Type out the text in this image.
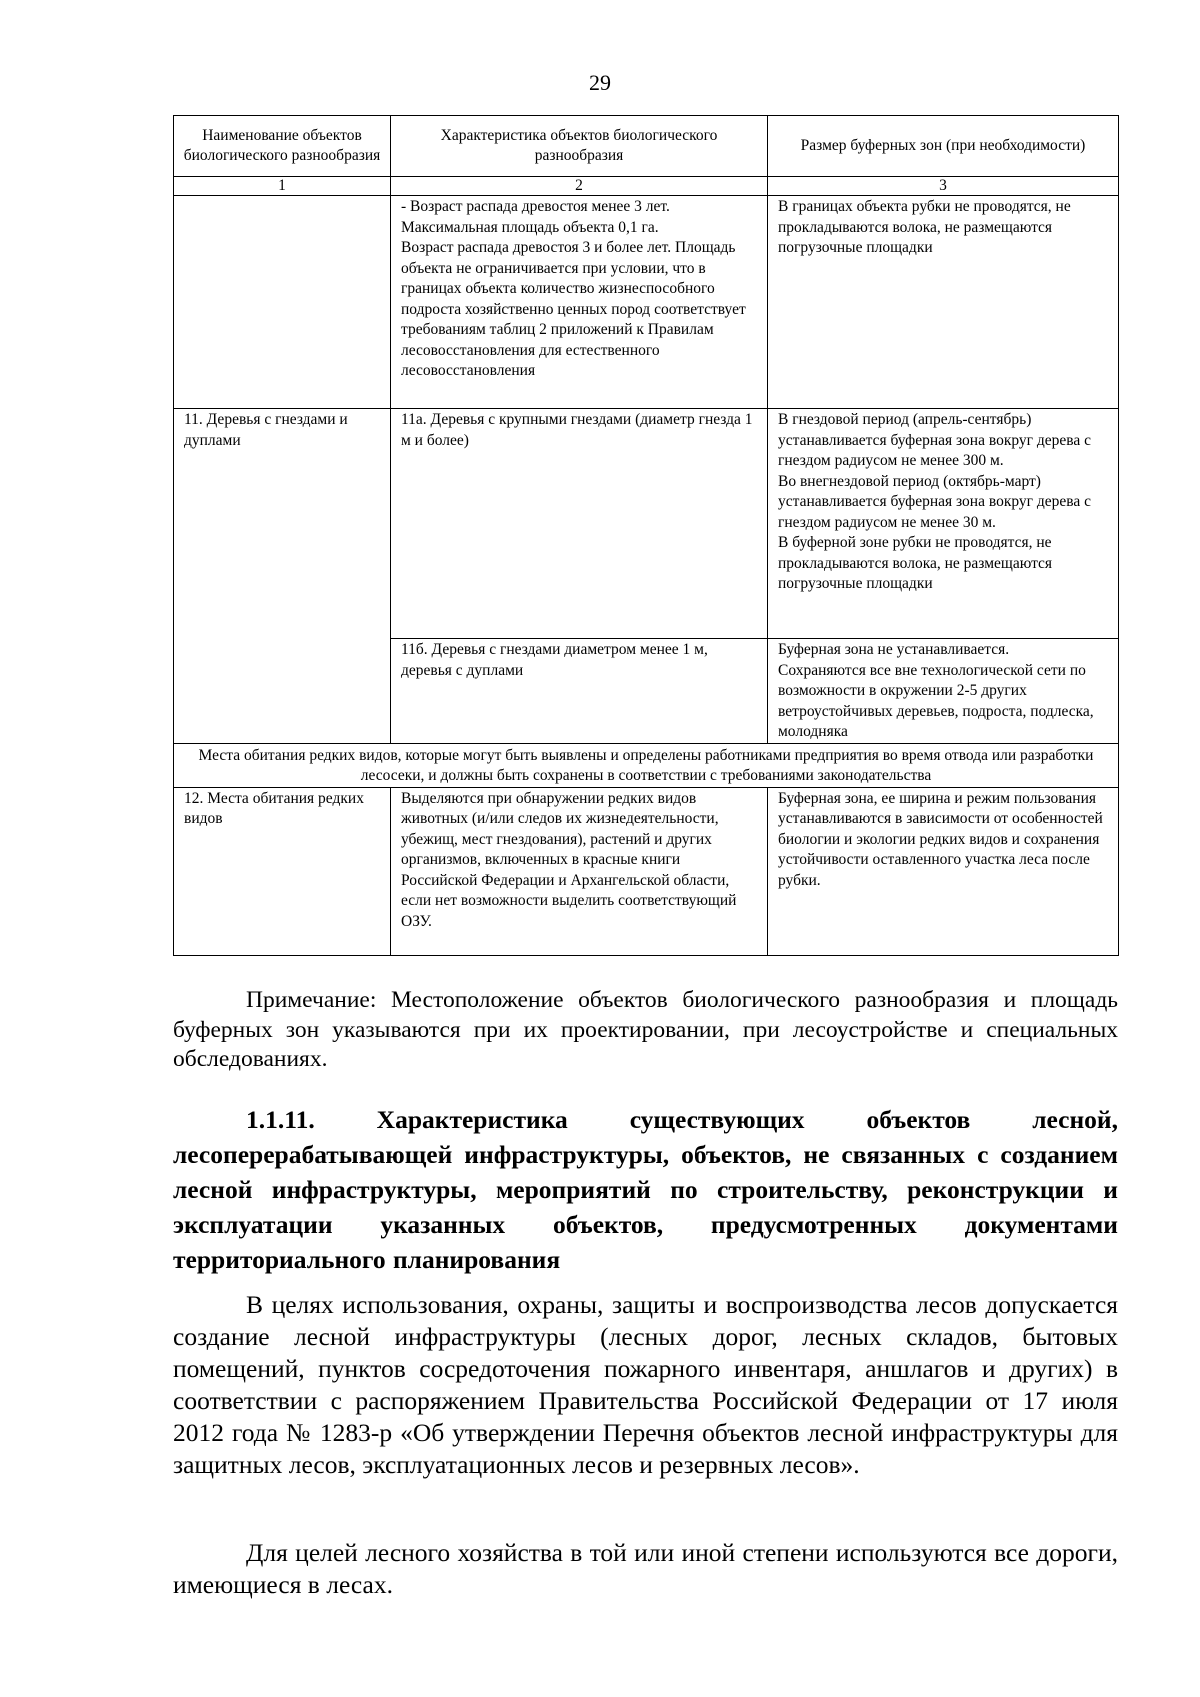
29
Наименование объектов биологического разнообразия	Характеристика объектов биологического разнообразия	Размер буферных зон (при необходимости)
1	2	3

	- Возраст распада древостоя менее 3 лет. Максимальная площадь объекта 0,1 га.
Возраст распада древостоя 3 и более лет. Площадь объекта не ограничивается при условии, что в границах объекта количество жизнеспособного подроста хозяйственно ценных пород соответствует требованиям таблиц 2 приложений к Правилам лесовосстановления для естественного лесовосстановления	В границах объекта рубки не проводятся, не прокладываются волока, не размещаются погрузочные площадки
11. Деревья с гнездами и дуплами	11а. Деревья с крупными гнездами (диаметр гнезда 1 м и более)	В гнездовой период (апрель-сентябрь) устанавливается буферная зона вокруг дерева с гнездом радиусом не менее 300 м.
Во внегнездовой период (октябрь-март) устанавливается буферная зона вокруг дерева с гнездом радиусом не менее 30 м.
В буферной зоне рубки не проводятся, не прокладываются волока, не размещаются погрузочные площадки

	11б. Деревья с гнездами диаметром менее 1 м, деревья с дуплами	Буферная зона не устанавливается.
Сохраняются все вне технологической сети по возможности в окружении 2-5 других ветроустойчивых деревьев, подроста, подлеска, молодняка

Места обитания редких видов, которые могут быть выявлены и определены работниками предприятия во время отвода или разработки лесосеки, и должны быть сохранены в соответствии с требованиями законодательства		
12. Места обитания редких видов	Выделяются при обнаружении редких видов животных (и/или следов их жизнедеятельности, убежищ, мест гнездования), растений и других организмов, включенных в красные книги Российской Федерации и Архангельской области, если нет возможности выделить соответствующий ОЗУ.	Буферная зона, ее ширина и режим пользования устанавливаются в зависимости от особенностей биологии и экологии редких видов и сохранения устойчивости оставленного участка леса после рубки.

Примечание: Местоположение объектов биологического разнообразия и площадь буферных зон указываются при их проектировании, при лесоустройстве и специальных обследованиях.

1.1.11. Характеристика существующих объектов лесной, лесоперерабатывающей инфраструктуры, объектов, не связанных с созданием лесной инфраструктуры, мероприятий по строительству, реконструкции и эксплуатации указанных объектов, предусмотренных документами территориального планирования

В целях использования, охраны, защиты и воспроизводства лесов допускается создание лесной инфраструктуры (лесных дорог, лесных складов, бытовых помещений, пунктов сосредоточения пожарного инвентаря, аншлагов и других) в соответствии с распоряжением Правительства Российской Федерации от 17 июля 2012 года № 1283-р «Об утверждении Перечня объектов лесной инфраструктуры для защитных лесов, эксплуатационных лесов и резервных лесов».

Для целей лесного хозяйства в той или иной степени используются все дороги, имеющиеся в лесах.
